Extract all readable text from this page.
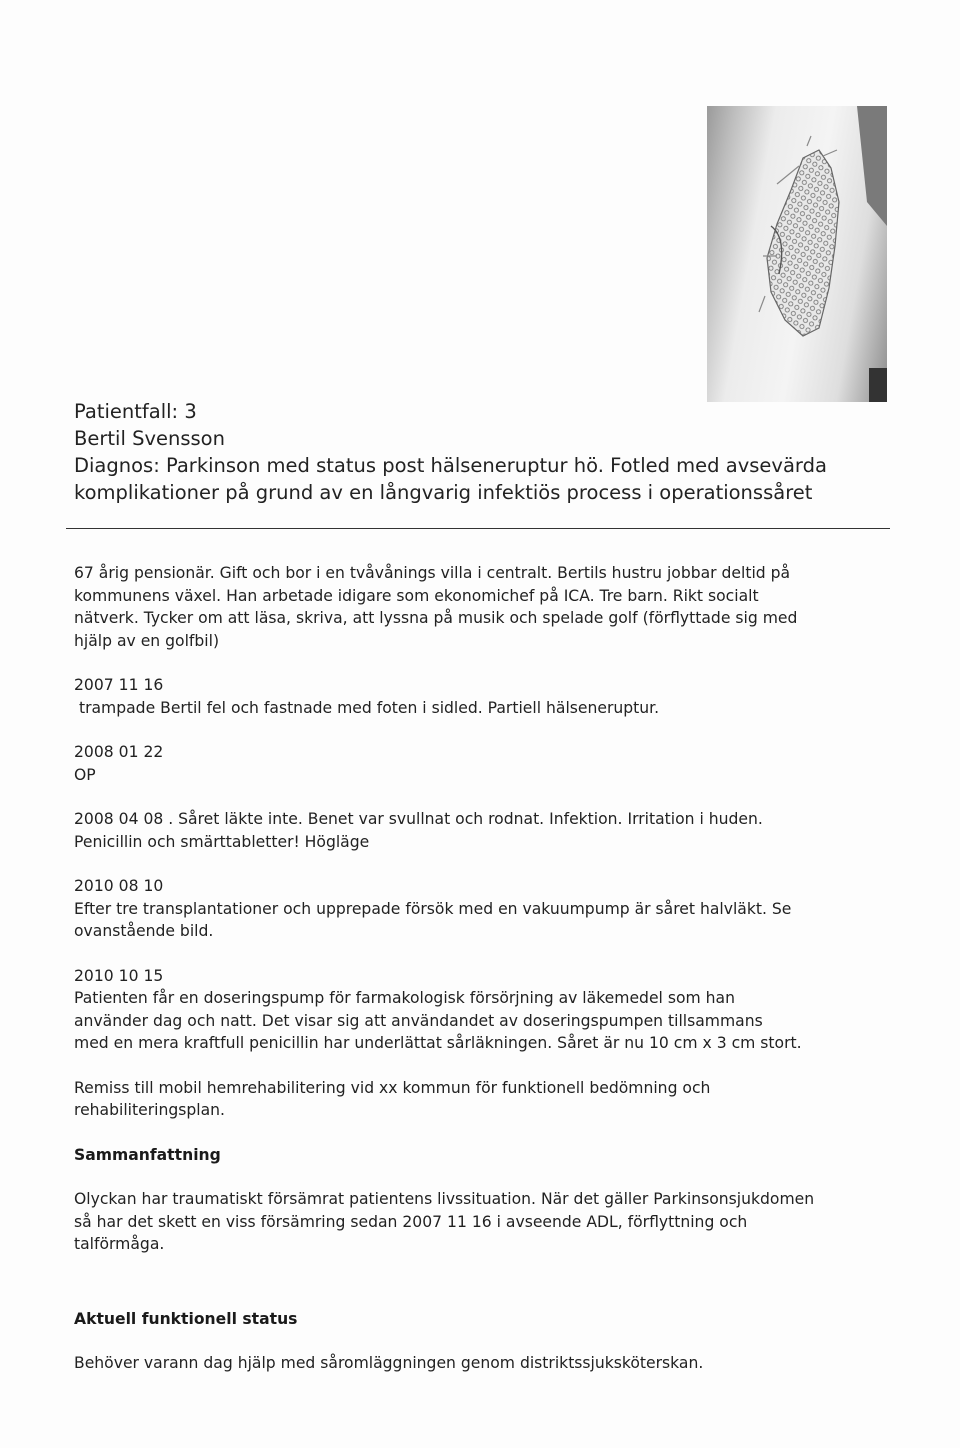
Patientfall: 3
Bertil Svensson
Diagnos: Parkinson med status post hälseneruptur hö. Fotled med avsevärda
komplikationer på grund av en långvarig infektiös process i operationssåret

67 årig pensionär. Gift och bor i en tvåvånings villa i centralt. Bertils hustru jobbar deltid på
kommunens växel. Han arbetade idigare som ekonomichef på ICA. Tre barn. Rikt socialt
nätverk. Tycker om att läsa, skriva, att lyssna på musik och spelade golf (förflyttade sig med
hjälp av en golfbil)

2007 11 16
trampade Bertil fel och fastnade med foten i sidled. Partiell hälseneruptur.

2008 01 22
OP

2008 04 08 . Såret läkte inte. Benet var svullnat och rodnat. Infektion. Irritation i huden.
Penicillin och smärttabletter! Högläge

2010 08 10
Efter tre transplantationer och upprepade försök med en vakuumpump är såret halvläkt. Se
ovanstående bild.

2010 10 15
Patienten får en doseringspump för farmakologisk försörjning av läkemedel som han
använder dag och natt. Det visar sig att användandet av doseringspumpen tillsammans
med en mera kraftfull penicillin har underlättat sårläkningen. Såret är nu 10 cm x 3 cm stort.

Remiss till mobil hemrehabilitering vid xx kommun för funktionell bedömning och
rehabiliteringsplan.

Sammanfattning

Olyckan har traumatiskt försämrat patientens livssituation. När det gäller Parkinsonsjukdomen
så har det skett en viss försämring sedan 2007 11 16 i avseende ADL, förflyttning och
talförmåga.

Aktuell funktionell status

Behöver varann dag hjälp med såromläggningen genom distriktssjuksköterskan.
